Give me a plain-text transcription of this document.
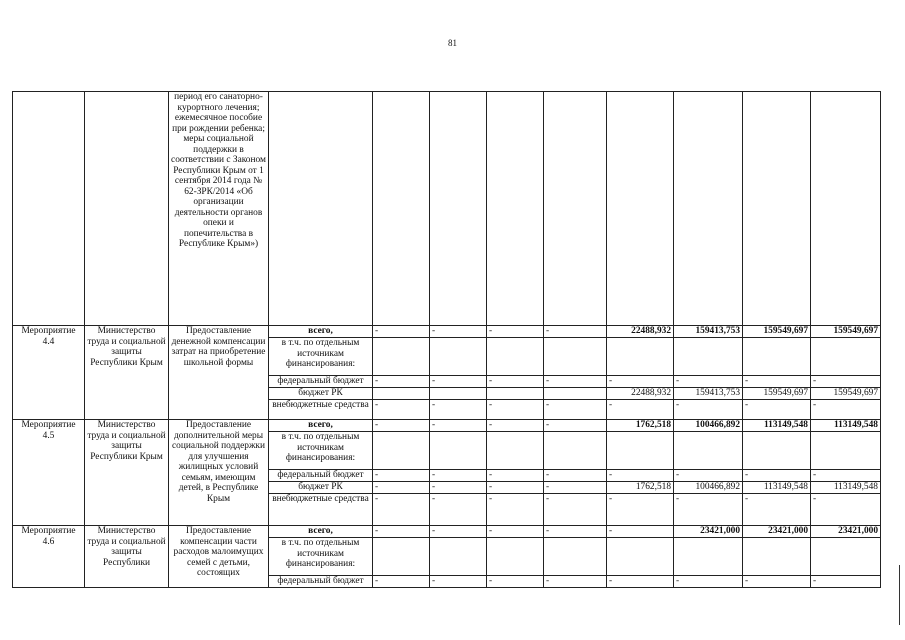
81
		период его санаторно-курортного лечения; ежемесячное пособие при рождении ребенка; меры социальной поддержки в соответствии с Законом Республики Крым от 1 сентября 2014 года № 62-ЗРК/2014 «Об организации деятельности органов опеки и попечительства в Республике Крым»)									
Мероприятие 4.4	Министерство труда и социальной защиты Республики Крым	Предоставление денежной компенсации затрат на приобретение школьной формы	всего,	-	-	-	-	22488,932	159413,753	159549,697	159549,697
			в т.ч. по отдельным источникам финансирования:								
			федеральный бюджет	-	-	-	-	-	-	-	-
			бюджет РК					22488,932	159413,753	159549,697	159549,697
			внебюджетные средства	-	-	-	-	-	-	-	-
Мероприятие 4.5	Министерство труда и социальной защиты Республики Крым	Предоставление дополнительной меры социальной поддержки для улучшения жилищных условий семьям, имеющим детей, в Республике Крым	всего,	-	-	-	-	1762,518	100466,892	113149,548	113149,548
			в т.ч. по отдельным источникам финансирования:								
			федеральный бюджет	-	-	-	-	-	-	-	-
			бюджет РК	-	-	-	-	1762,518	100466,892	113149,548	113149,548
			внебюджетные средства	-	-	-	-	-	-	-	-
Мероприятие 4.6	Министерство труда и социальной защиты Республики	Предоставление компенсации части расходов малоимущих семей с детьми, состоящих	всего,	-	-	-	-	-	23421,000	23421,000	23421,000
			в т.ч. по отдельным источникам финансирования:								
			федеральный бюджет	-	-	-	-	-	-	-	-
